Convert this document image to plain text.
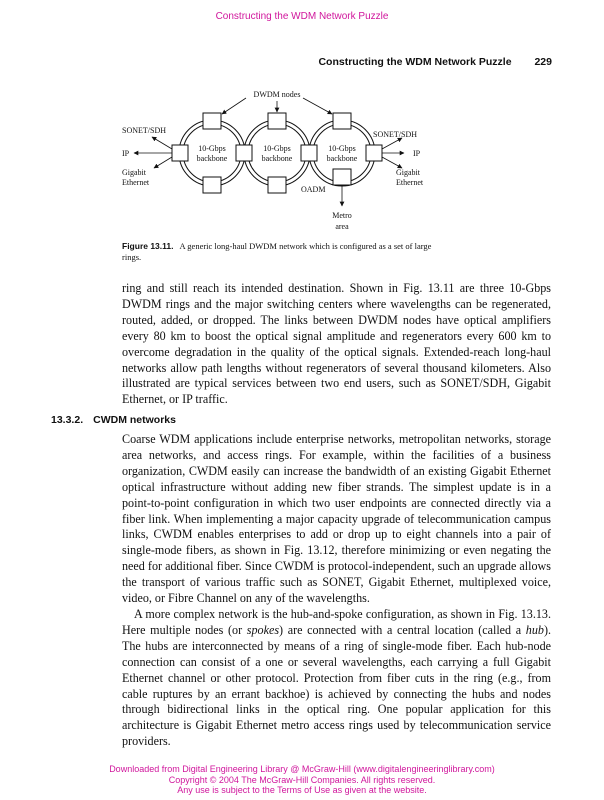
Constructing the WDM Network Puzzle
Constructing the WDM Network Puzzle 229
DWDM nodes
SONET/SDH
IP
Gigabit
Ethernet
SONET/SDH
IP
Gigabit
Ethernet
10-Gbps
backbone
10-Gbps
backbone
10-Gbps
backbone
OADM
Metro
area
Figure 13.11. A generic long-haul DWDM network which is configured as a set of large rings.

ring and still reach its intended destination. Shown in Fig. 13.11 are three 10-Gbps DWDM rings and the major switching centers where wavelengths can be regenerated, routed, added, or dropped. The links between DWDM nodes have optical amplifiers every 80 km to boost the optical signal amplitude and regenerators every 600 km to overcome degradation in the quality of the optical signals. Extended-reach long-haul networks allow path lengths without regenerators of several thousand kilometers. Also illustrated are typical services between two end users, such as SONET/SDH, Gigabit Ethernet, or IP traffic.

13.3.2. CWDM networks

Coarse WDM applications include enterprise networks, metropolitan networks, storage area networks, and access rings. For example, within the facilities of a business organization, CWDM easily can increase the bandwidth of an existing Gigabit Ethernet optical infrastructure without adding new fiber strands. The simplest update is in a point-to-point configuration in which two user endpoints are connected directly via a fiber link. When implementing a major capacity upgrade of telecommunication campus links, CWDM enables enterprises to add or drop up to eight channels into a pair of single-mode fibers, as shown in Fig. 13.12, therefore minimizing or even negating the need for additional fiber. Since CWDM is protocol-independent, such an upgrade allows the transport of various traffic such as SONET, Gigabit Ethernet, multiplexed voice, video, or Fibre Channel on any of the wavelengths.

A more complex network is the hub-and-spoke configuration, as shown in Fig. 13.13. Here multiple nodes (or spokes) are connected with a central location (called a hub). The hubs are interconnected by means of a ring of single-mode fiber. Each hub-node connection can consist of a one or several wavelengths, each carrying a full Gigabit Ethernet channel or other protocol. Protection from fiber cuts in the ring (e.g., from cable ruptures by an errant backhoe) is achieved by connecting the hubs and nodes through bidirectional links in the optical ring. One popular application for this architecture is Gigabit Ethernet metro access rings used by telecommunication service providers.

Downloaded from Digital Engineering Library @ McGraw-Hill (www.digitalengineeringlibrary.com)
Copyright © 2004 The McGraw-Hill Companies. All rights reserved.
Any use is subject to the Terms of Use as given at the website.
